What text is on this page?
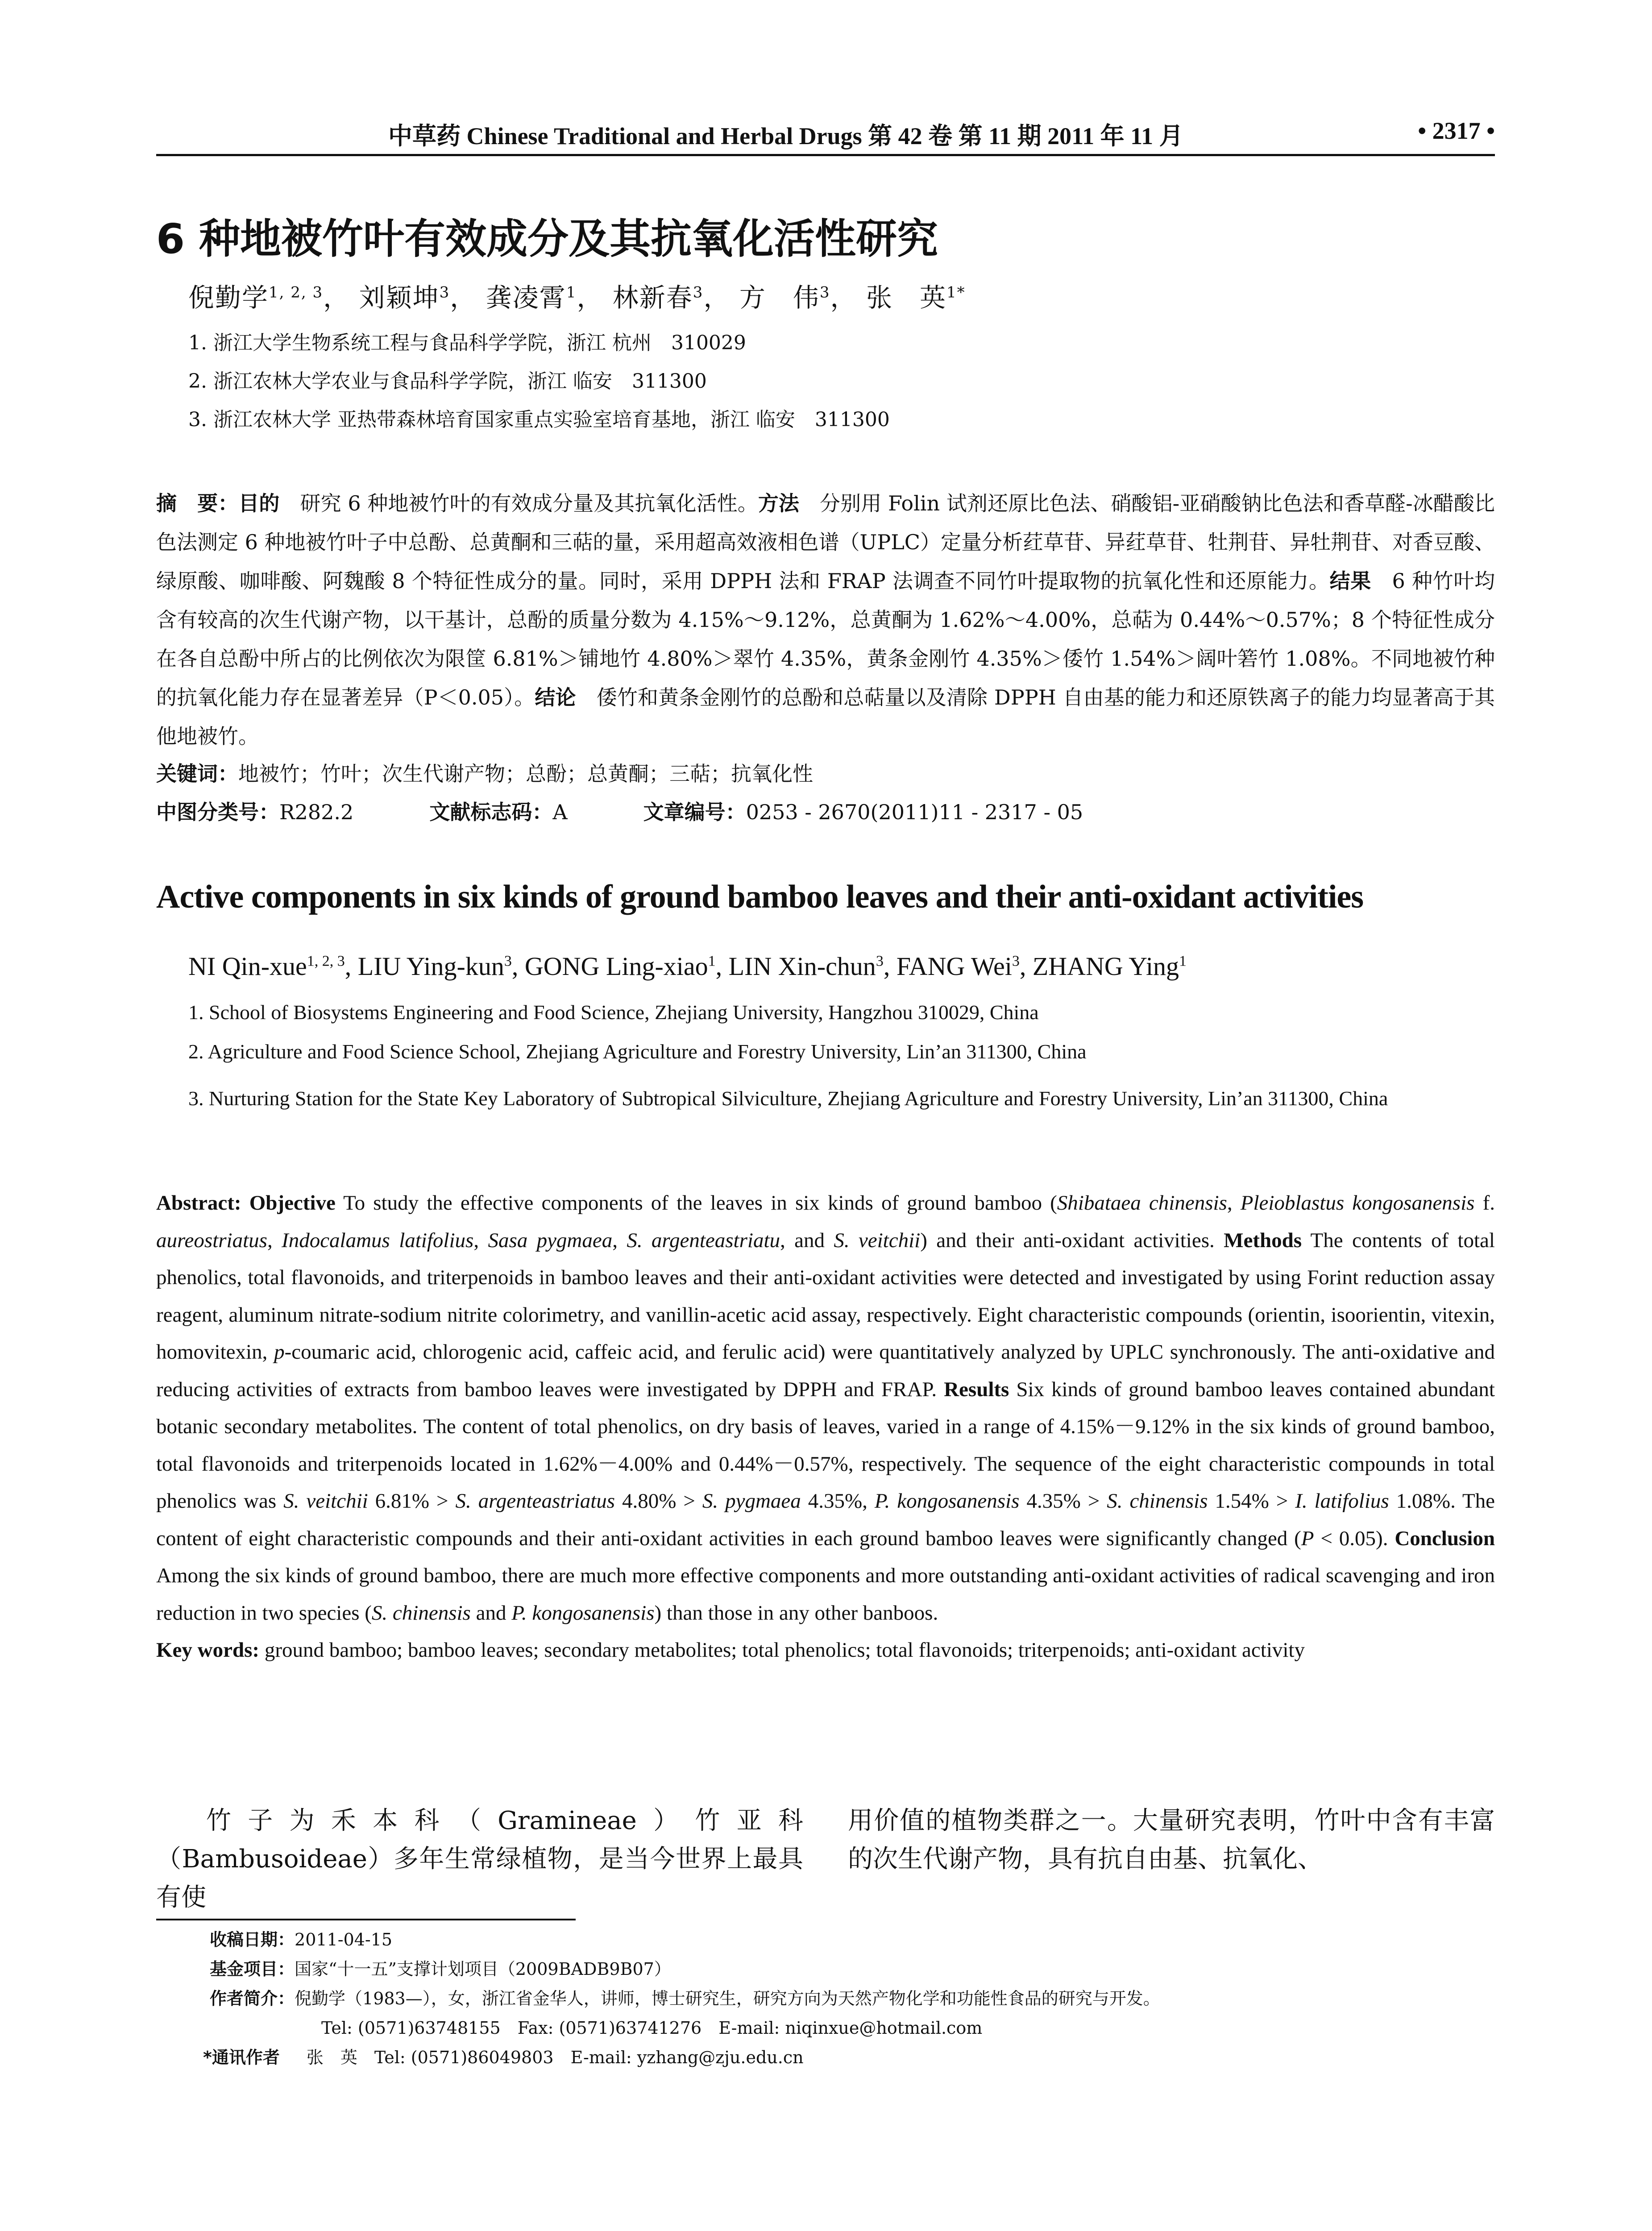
中草药 Chinese Traditional and Herbal Drugs 第 42 卷 第 11 期 2011 年 11 月	• 2317 •
6 种地被竹叶有效成分及其抗氧化活性研究
倪勤学$^{1, 2, 3}$， 刘颖坤$^3$， 龚凌霄$^1$， 林新春$^3$， 方　伟$^3$， 张　英$^{1*}$
1. 浙江大学生物系统工程与食品科学学院，浙江 杭州　310029
2. 浙江农林大学农业与食品科学学院，浙江 临安　311300
3. 浙江农林大学 亚热带森林培育国家重点实验室培育基地，浙江 临安　311300
摘　要：目的　研究 6 种地被竹叶的有效成分量及其抗氧化活性。方法　分别用 Folin 试剂还原比色法、硝酸铝-亚硝酸钠比色法和香草醛-冰醋酸比色法测定 6 种地被竹叶子中总酚、总黄酮和三萜的量，采用超高效液相色谱（UPLC）定量分析荭草苷、异荭草苷、牡荆苷、异牡荆苷、对香豆酸、绿原酸、咖啡酸、阿魏酸 8 个特征性成分的量。同时，采用 DPPH 法和 FRAP 法调查不同竹叶提取物的抗氧化性和还原能力。结果　6 种竹叶均含有较高的次生代谢产物，以干基计，总酚的质量分数为 4.15%～9.12%，总黄酮为 1.62%～4.00%，总萜为 0.44%～0.57%；8 个特征性成分在各自总酚中所占的比例依次为限筐 6.81%＞铺地竹 4.80%＞翠竹 4.35%，黄条金刚竹 4.35%＞倭竹 1.54%＞阔叶箬竹 1.08%。不同地被竹种的抗氧化能力存在显著差异（P＜0.05）。结论　倭竹和黄条金刚竹的总酚和总萜量以及清除 DPPH 自由基的能力和还原铁离子的能力均显著高于其他地被竹。
关键词：地被竹；竹叶；次生代谢产物；总酚；总黄酮；三萜；抗氧化性
中图分类号：R282.2	文献标志码：A	文章编号：0253 - 2670(2011)11 - 2317 - 05
Active components in six kinds of ground bamboo leaves and their anti-oxidant activities
NI Qin-xue$^{1, 2, 3}$, LIU Ying-kun$^3$, GONG Ling-xiao$^1$, LIN Xin-chun$^3$, FANG Wei$^3$, ZHANG Ying$^1$
1. School of Biosystems Engineering and Food Science, Zhejiang University, Hangzhou 310029, China
2. Agriculture and Food Science School, Zhejiang Agriculture and Forestry University, Lin’an 311300, China
3. Nurturing Station for the State Key Laboratory of Subtropical Silviculture, Zhejiang Agriculture and Forestry University, Lin’an 311300, China
Abstract: Objective To study the effective components of the leaves in six kinds of ground bamboo (Shibataea chinensis, Pleioblastus kongosanensis f. aureostriatus, Indocalamus latifolius, Sasa pygmaea, S. argenteastriatu, and S. veitchii) and their anti-oxidant activities. Methods The contents of total phenolics, total flavonoids, and triterpenoids in bamboo leaves and their anti-oxidant activities were detected and investigated by using Forint reduction assay reagent, aluminum nitrate-sodium nitrite colorimetry, and vanillin-acetic acid assay, respectively. Eight characteristic compounds (orientin, isoorientin, vitexin, homovitexin, p-coumaric acid, chlorogenic acid, caffeic acid, and ferulic acid) were quantitatively analyzed by UPLC synchronously. The anti-oxidative and reducing activities of extracts from bamboo leaves were investigated by DPPH and FRAP. Results Six kinds of ground bamboo leaves contained abundant botanic secondary metabolites. The content of total phenolics, on dry basis of leaves, varied in a range of 4.15%－9.12% in the six kinds of ground bamboo, total flavonoids and triterpenoids located in 1.62%－4.00% and 0.44%－0.57%, respectively. The sequence of the eight characteristic compounds in total phenolics was S. veitchii 6.81% > S. argenteastriatus 4.80% > S. pygmaea 4.35%, P. kongosanensis 4.35% > S. chinensis 1.54% > I. latifolius 1.08%. The content of eight characteristic compounds and their anti-oxidant activities in each ground bamboo leaves were significantly changed (P < 0.05). Conclusion Among the six kinds of ground bamboo, there are much more effective components and more outstanding anti-oxidant activities of radical scavenging and iron reduction in two species (S. chinensis and P. kongosanensis) than those in any other banboos.
Key words: ground bamboo; bamboo leaves; secondary metabolites; total phenolics; total flavonoids; triterpenoids; anti-oxidant activity
竹子为禾本科（Gramineae）竹亚科（Bambusoideae）多年生常绿植物，是当今世界上最具有使
用价值的植物类群之一。大量研究表明，竹叶中含有丰富的次生代谢产物，具有抗自由基、抗氧化、
收稿日期：2011-04-15
基金项目：国家“十一五”支撑计划项目（2009BADB9B07）
作者简介：倪勤学（1983—），女，浙江省金华人，讲师，博士研究生，研究方向为天然产物化学和功能性食品的研究与开发。
Tel: (0571)63748155　Fax: (0571)63741276　E-mail: niqinxue@hotmail.com
*通讯作者 张　英　Tel: (0571)86049803　E-mail: yzhang@zju.edu.cn
